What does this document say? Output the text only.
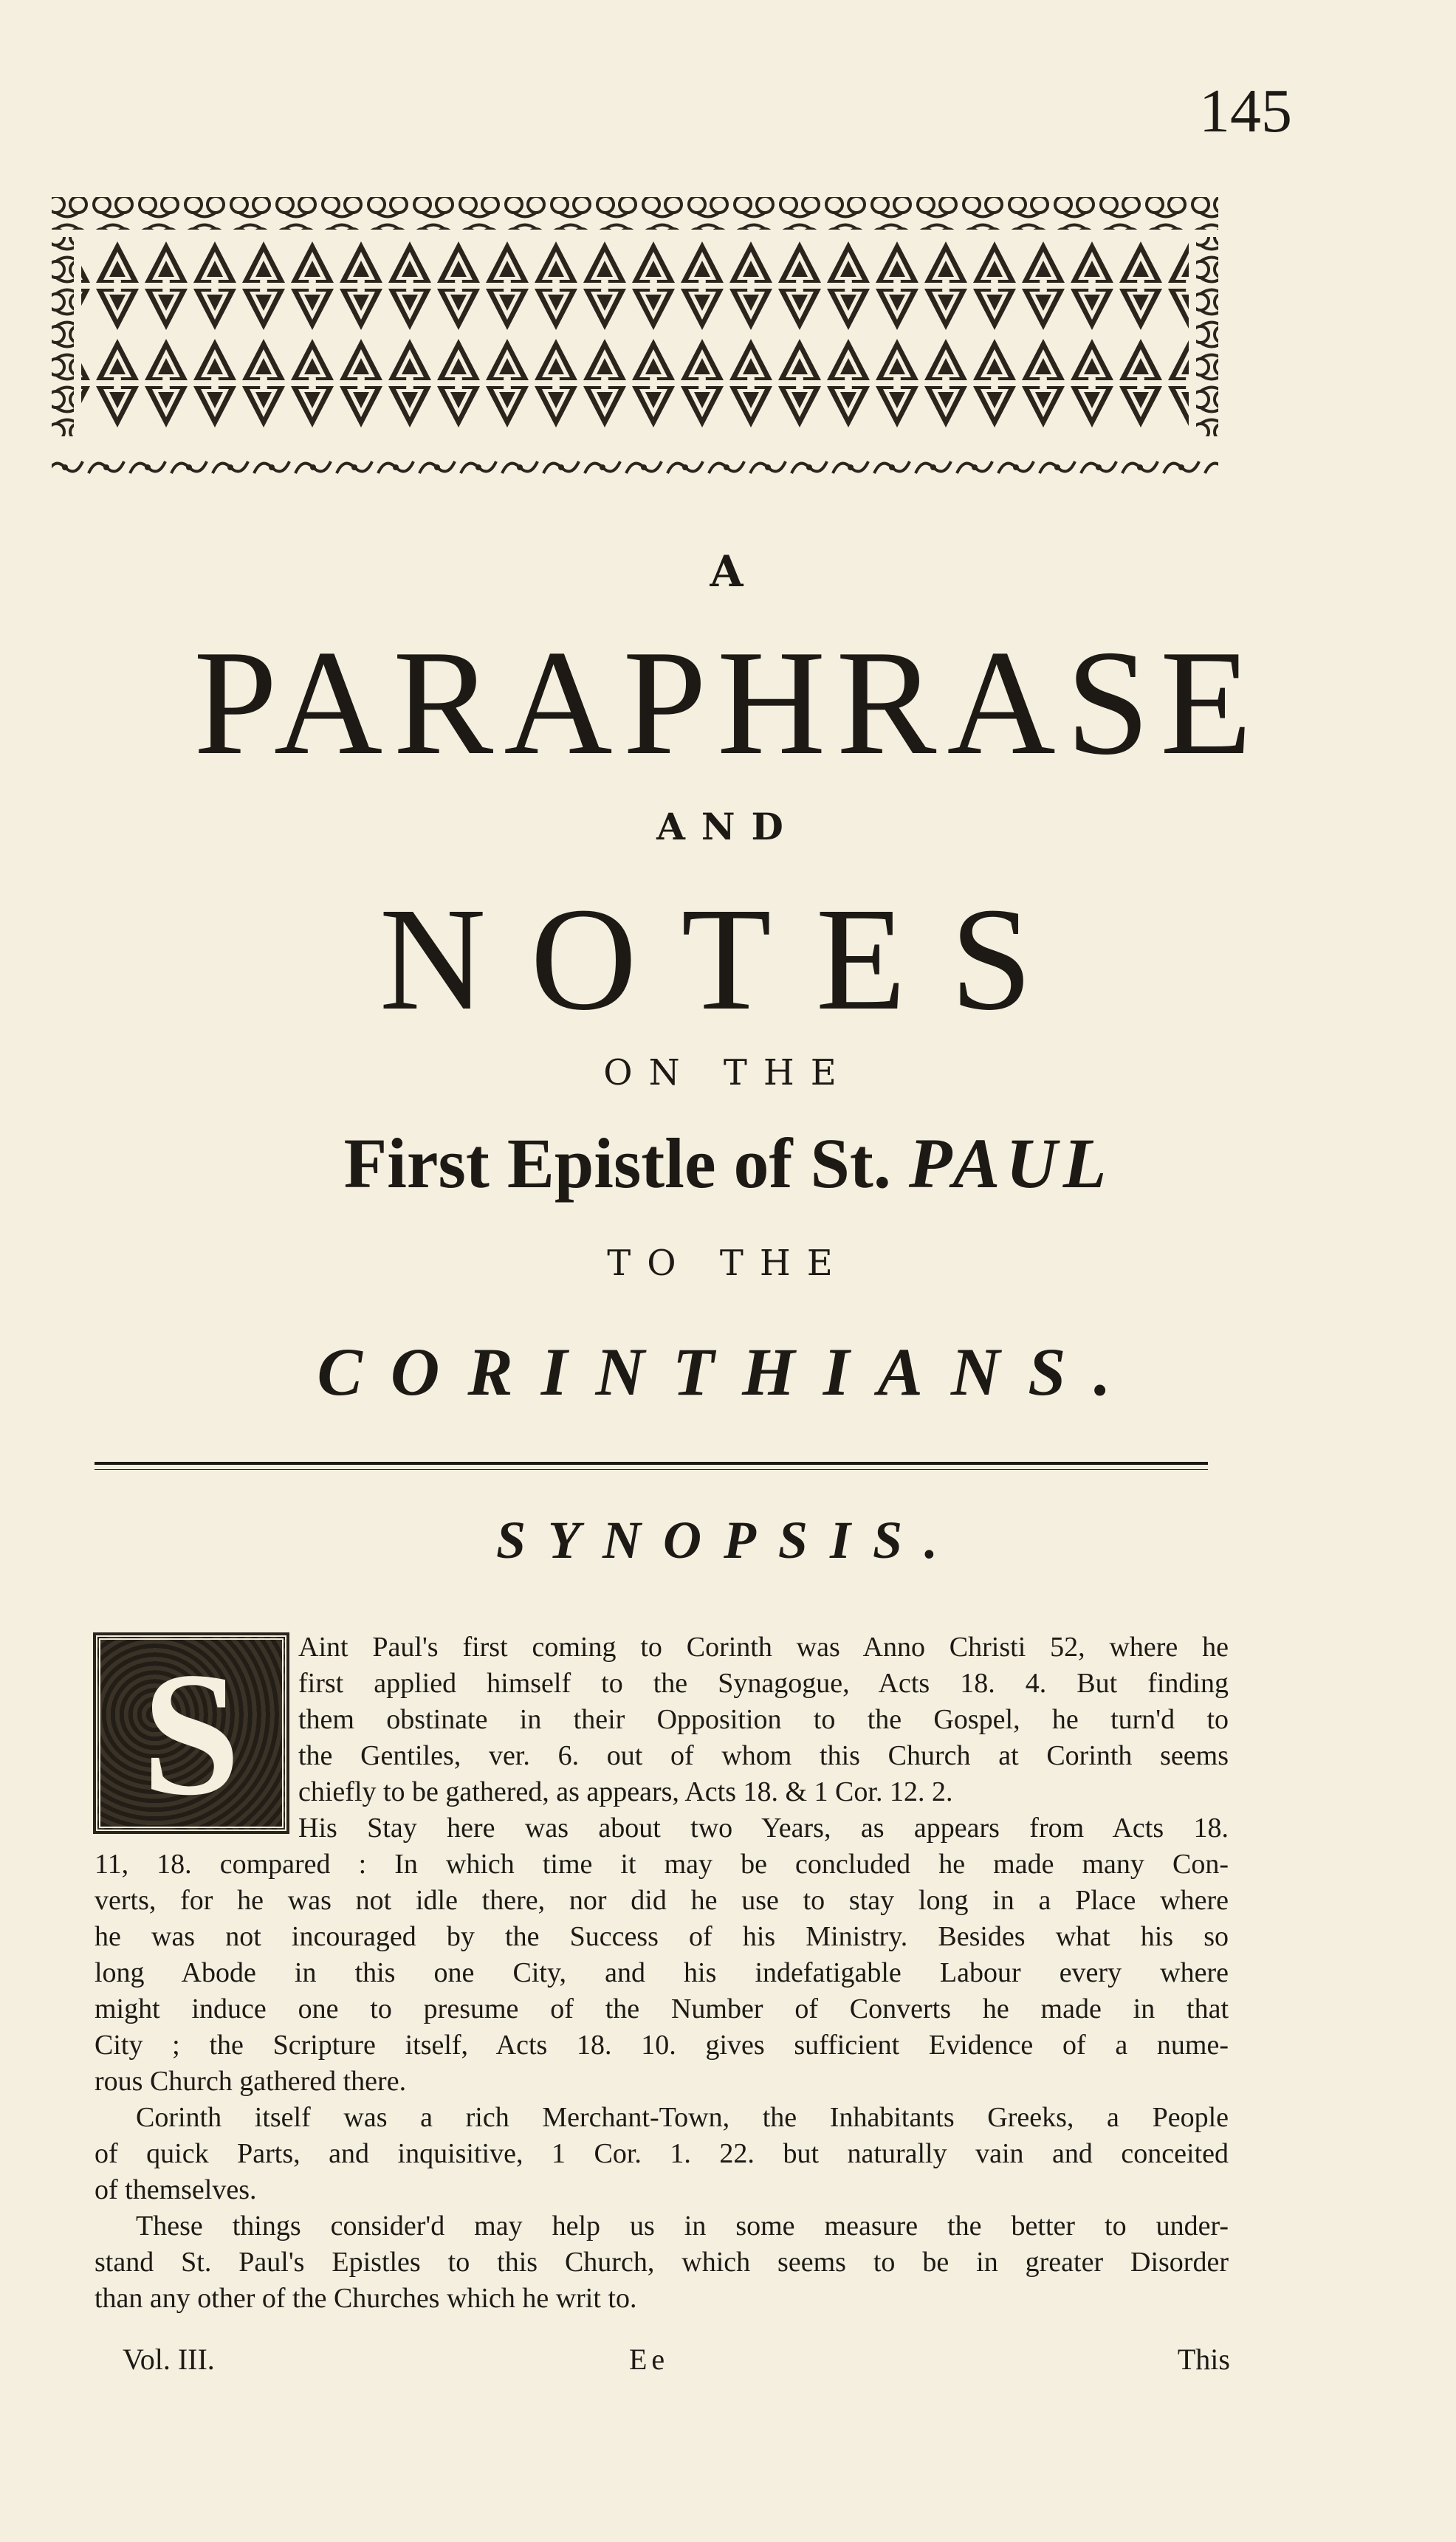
145
A
PARAPHRASE
AND
NOTES
ON THE
First Epistle of St. PAUL
TO THE
CORINTHIANS.
SYNOPSIS.
S	Aint Paul's first coming to Corinth was Anno Christi 52, where he
first applied himself to the Synagogue, Acts 18. 4. But finding
them obstinate in their Opposition to the Gospel, he turn'd to
the Gentiles, ver. 6. out of whom this Church at Corinth seems
chiefly to be gathered, as appears, Acts 18. & 1 Cor. 12. 2.
His Stay here was about two Years, as appears from Acts 18.
11, 18. compared : In which time it may be concluded he made many Con-
verts, for he was not idle there, nor did he use to stay long in a Place where
he was not incouraged by the Success of his Ministry. Besides what his so
long Abode in this one City, and his indefatigable Labour every where
might induce one to presume of the Number of Converts he made in that
City ; the Scripture itself, Acts 18. 10. gives sufficient Evidence of a nume-
rous Church gathered there.
Corinth itself was a rich Merchant-Town, the Inhabitants Greeks, a People
of quick Parts, and inquisitive, 1 Cor. 1. 22. but naturally vain and conceited
of themselves.
These things consider'd may help us in some measure the better to under-
stand St. Paul's Epistles to this Church, which seems to be in greater Disorder
than any other of the Churches which he writ to.
Vol. III.	Ee	This
